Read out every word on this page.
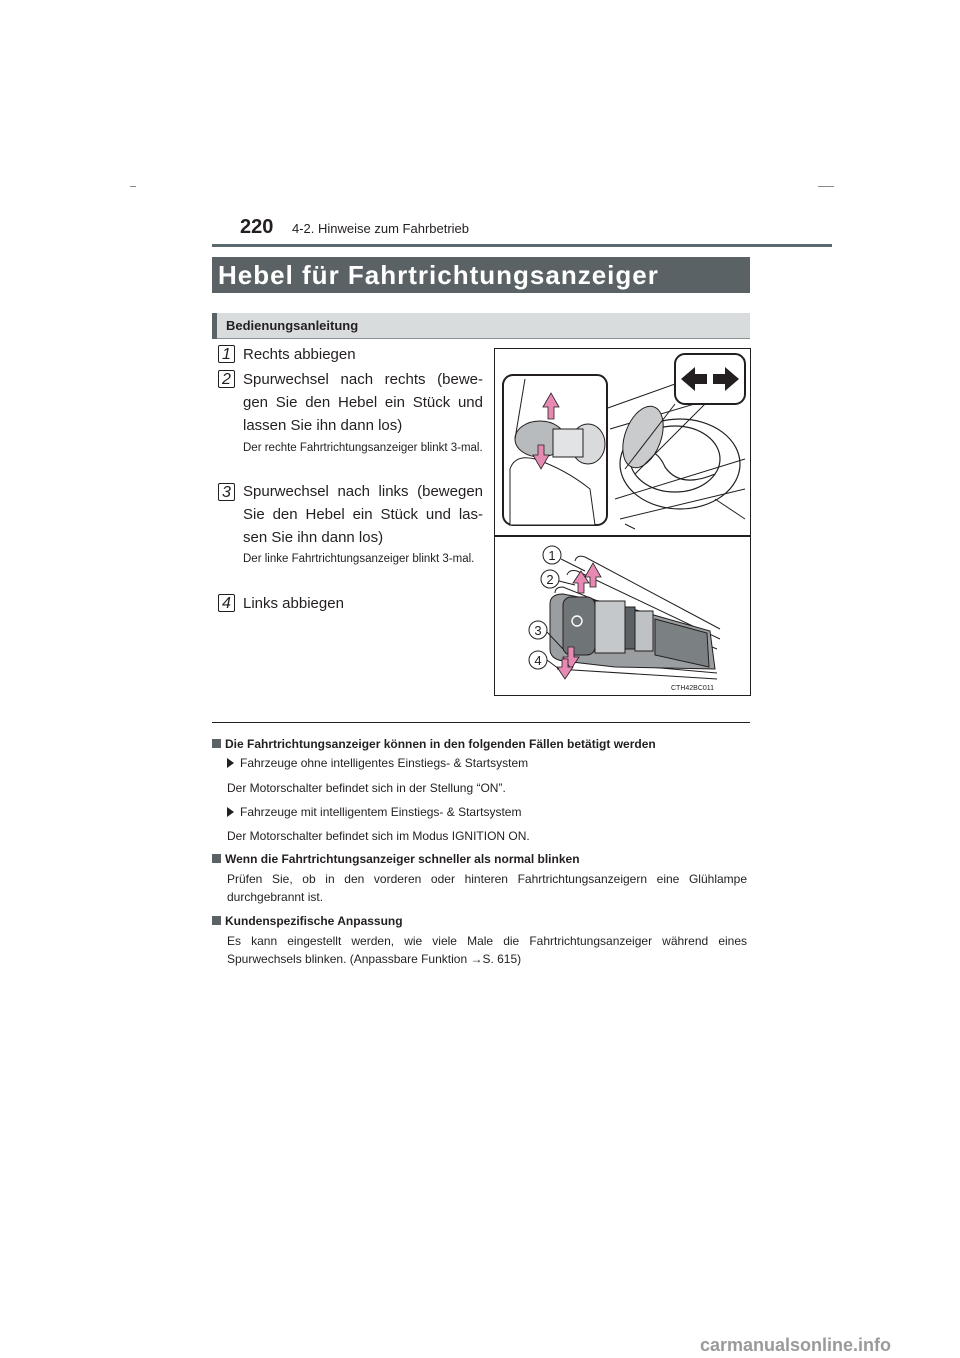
220 4-2. Hinweise zum Fahrbetrieb
Hebel für Fahrtrichtungsanzeiger
Bedienungsanleitung
1 Rechts abbiegen
2 Spurwechsel nach rechts (bewe-gen Sie den Hebel ein Stück und lassen Sie ihn dann los)
Der rechte Fahrtrichtungsanzeiger blinkt 3-mal.
3 Spurwechsel nach links (bewegen Sie den Hebel ein Stück und las-sen Sie ihn dann los)
Der linke Fahrtrichtungsanzeiger blinkt 3-mal.
4 Links abbiegen
1
2
3
4
CTH42BC011
Die Fahrtrichtungsanzeiger können in den folgenden Fällen betätigt werden
Fahrzeuge ohne intelligentes Einstiegs- & Startsystem
Der Motorschalter befindet sich in der Stellung “ON”.
Fahrzeuge mit intelligentem Einstiegs- & Startsystem
Der Motorschalter befindet sich im Modus IGNITION ON.
Wenn die Fahrtrichtungsanzeiger schneller als normal blinken
Prüfen Sie, ob in den vorderen oder hinteren Fahrtrichtungsanzeigern eine Glühlampe durchgebrannt ist.
Kundenspezifische Anpassung
Es kann eingestellt werden, wie viele Male die Fahrtrichtungsanzeiger während eines Spurwechsels blinken. (Anpassbare Funktion →S. 615)
carmanualsonline.info
